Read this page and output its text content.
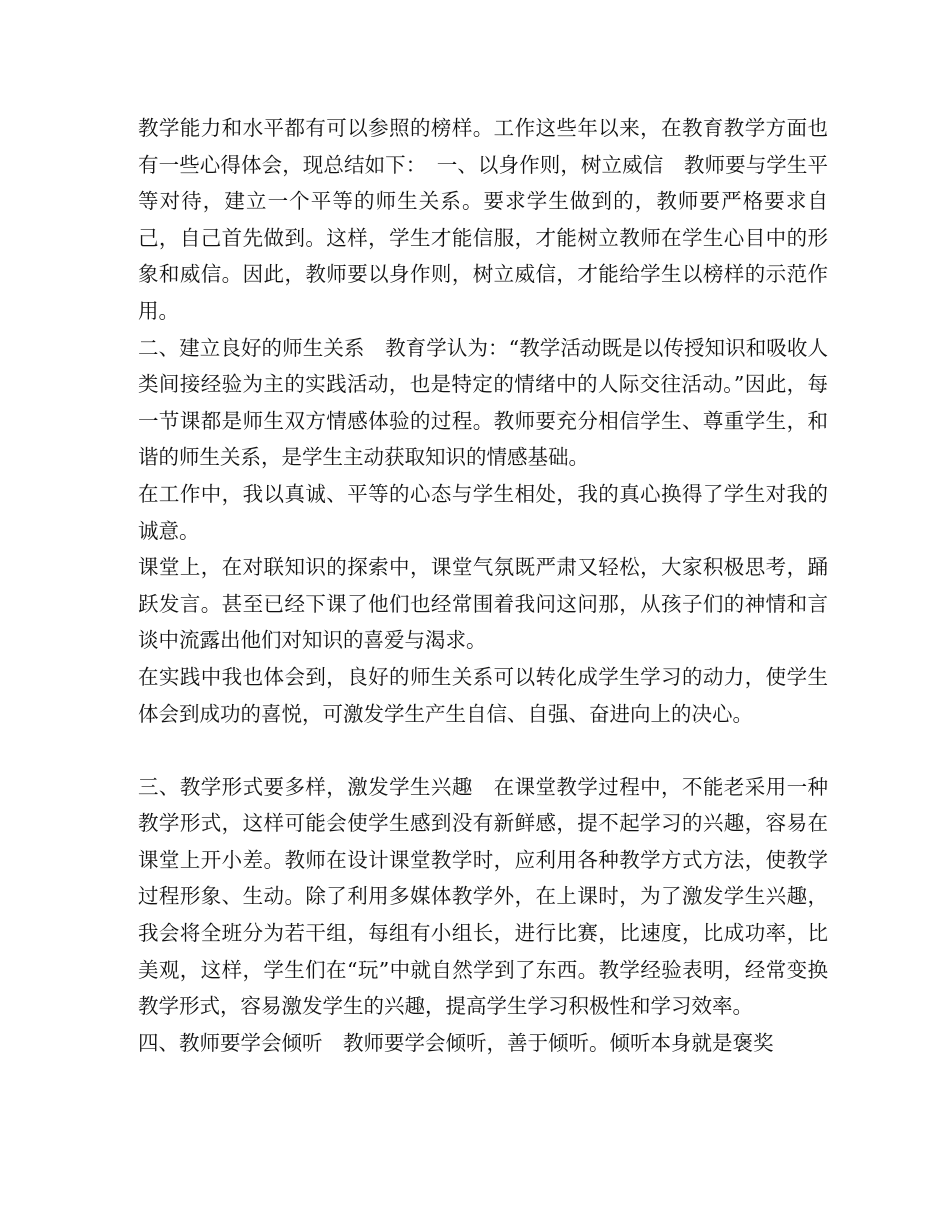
教学能力和水平都有可以参照的榜样。工作这些年以来，在教育教学方面也有一些心得体会，现总结如下：　一、以身作则，树立威信　教师要与学生平等对待，建立一个平等的师生关系。要求学生做到的，教师要严格要求自己，自己首先做到。这样，学生才能信服，才能树立教师在学生心目中的形象和威信。因此，教师要以身作则，树立威信，才能给学生以榜样的示范作用。

二、建立良好的师生关系　教育学认为：“教学活动既是以传授知识和吸收人类间接经验为主的实践活动，也是特定的情绪中的人际交往活动。”因此，每一节课都是师生双方情感体验的过程。教师要充分相信学生、尊重学生，和谐的师生关系，是学生主动获取知识的情感基础。

在工作中，我以真诚、平等的心态与学生相处，我的真心换得了学生对我的诚意。

课堂上，在对联知识的探索中，课堂气氛既严肃又轻松，大家积极思考，踊跃发言。甚至已经下课了他们也经常围着我问这问那，从孩子们的神情和言谈中流露出他们对知识的喜爱与渴求。

在实践中我也体会到，良好的师生关系可以转化成学生学习的动力，使学生体会到成功的喜悦，可激发学生产生自信、自强、奋进向上的决心。

三、教学形式要多样，激发学生兴趣　在课堂教学过程中，不能老采用一种教学形式，这样可能会使学生感到没有新鲜感，提不起学习的兴趣，容易在课堂上开小差。教师在设计课堂教学时，应利用各种教学方式方法，使教学过程形象、生动。除了利用多媒体教学外，在上课时，为了激发学生兴趣，我会将全班分为若干组，每组有小组长，进行比赛，比速度，比成功率，比美观，这样，学生们在“玩”中就自然学到了东西。教学经验表明，经常变换教学形式，容易激发学生的兴趣，提高学生学习积极性和学习效率。

四、教师要学会倾听　教师要学会倾听，善于倾听。倾听本身就是褒奖
